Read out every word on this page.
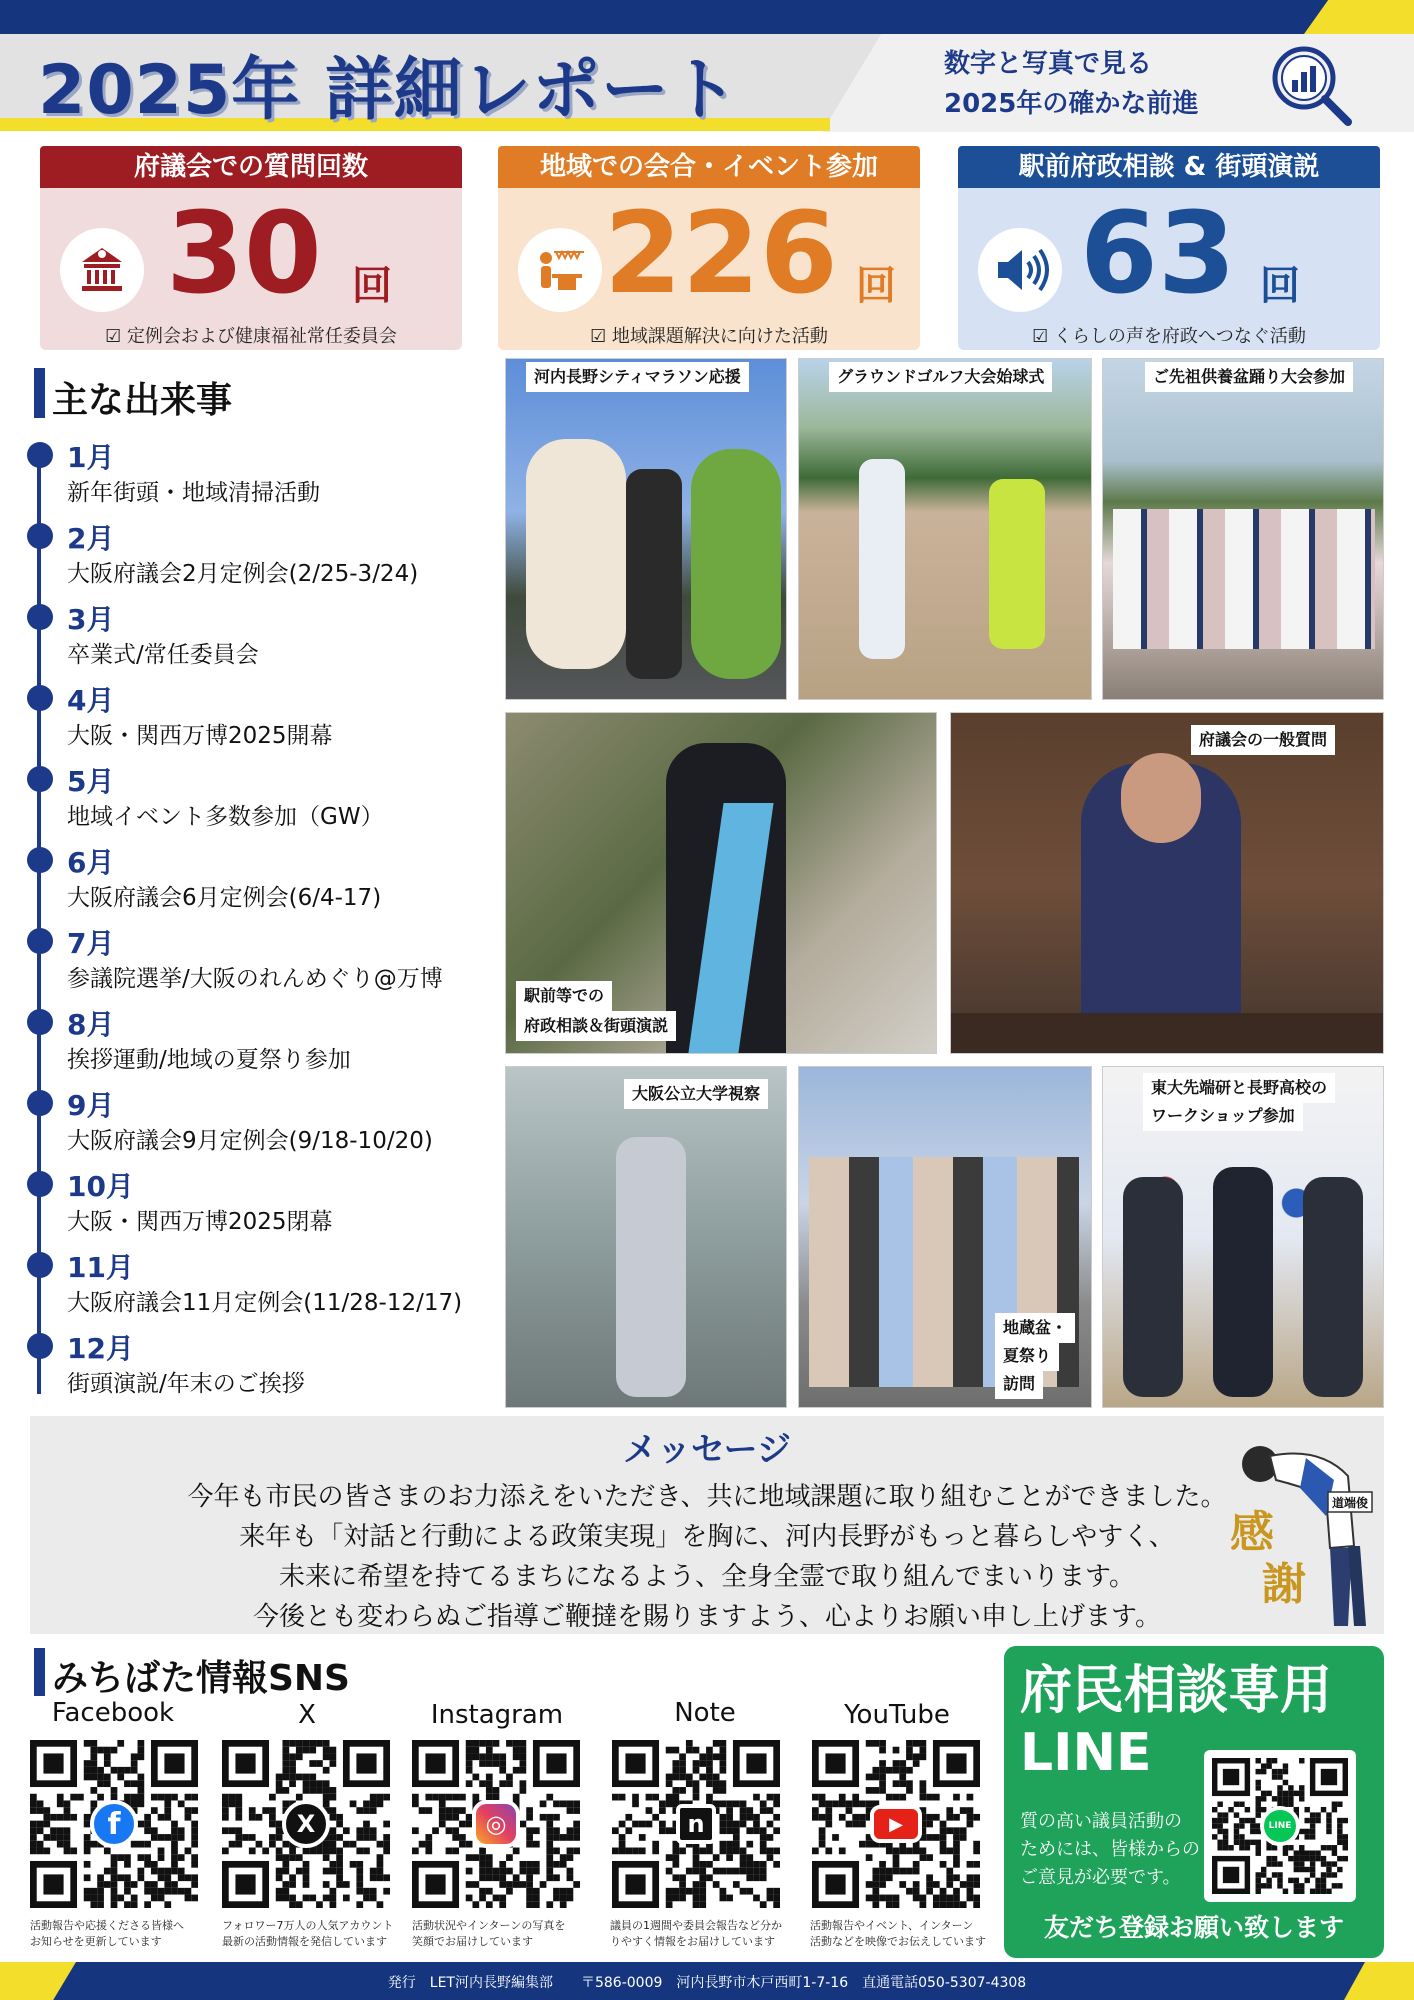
2025年 詳細レポート	数字と写真で見る
2025年の確かな前進
府議会での質問回数
30 回
☑ 定例会および健康福祉常任委員会
地域での会合・イベント参加
226 回
☑ 地域課題解決に向けた活動
駅前府政相談 & 街頭演説
63 回
☑ くらしの声を府政へつなぐ活動
主な出来事
1月
新年街頭・地域清掃活動
2月
大阪府議会2月定例会(2/25-3/24)
3月
卒業式/常任委員会
4月
大阪・関西万博2025開幕
5月
地域イベント多数参加（GW）
6月
大阪府議会6月定例会(6/4-17)
7月
参議院選挙/大阪のれんめぐり@万博
8月
挨拶運動/地域の夏祭り参加
9月
大阪府議会9月定例会(9/18-10/20)
10月
大阪・関西万博2025閉幕
11月
大阪府議会11月定例会(11/28-12/17)
12月
街頭演説/年末のご挨拶
河内長野シティマラソン応援	グラウンドゴルフ大会始球式	ご先祖供養盆踊り大会参加
駅前等での
府政相談＆街頭演説
府議会の一般質問
大阪公立大学視察
地蔵盆・
夏祭り
訪問
東大先端研と長野高校の
ワークショップ参加
メッセージ
今年も市民の皆さまのお力添えをいただき、共に地域課題に取り組むことができました。
来年も「対話と行動による政策実現」を胸に、河内長野がもっと暮らしやすく、
未来に希望を持てるまちになるよう、全身全霊で取り組んでまいります。
今後とも変わらぬご指導ご鞭撻を賜りますよう、心よりお願い申し上げます。
感
謝
道端俊
みちばた情報SNS
Facebook	X	Instagram	Note	YouTube
f	X	◎	n	▶
活動報告や応援くださる皆様へ
お知らせを更新しています
フォロワー7万人の人気アカウント
最新の活動情報を発信しています
活動状況やインターンの写真を
笑顔でお届けしています
議員の1週間や委員会報告など分か
りやすく情報をお届けしています
活動報告やイベント、インターン
活動などを映像でお伝えしています
府民相談専用
LINE
質の高い議員活動の
ためには、皆様からの
ご意見が必要です。
LINE
友だち登録お願い致します
発行　LET河内長野編集部　　〒586-0009　河内長野市木戸西町1-7-16　直通電話050-5307-4308
